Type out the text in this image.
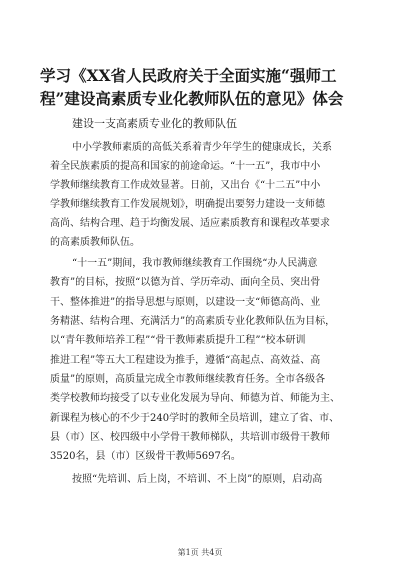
学习《XX省人民政府关于全面实施“强师工
程”建设高素质专业化教师队伍的意见》体会
建设一支高素质专业化的教师队伍
中小学教师素质的高低关系着青少年学生的健康成长，关系
着全民族素质的提高和国家的前途命运。“十一五”，我市中小
学教师继续教育工作成效显著。日前，又出台《“十二五”中小
学教师继续教育工作发展规划》，明确提出要努力建设一支师德
高尚、结构合理、趋于均衡发展、适应素质教育和课程改革要求
的高素质教师队伍。
“十一五”期间，我市教师继续教育工作围绕“办人民满意
教育”的目标，按照“以德为首、学历牵动、面向全员、突出骨
干、整体推进”的指导思想与原则，以建设一支“师德高尚、业
务精湛、结构合理、充满活力”的高素质专业化教师队伍为目标，
以“青年教师培养工程”“骨干教师素质提升工程”“校本研训
推进工程”等五大工程建设为推手，遵循“高起点、高效益、高
质量”的原则，高质量完成全市教师继续教育任务。全市各级各
类学校教师均接受了以专业化发展为导向、师德为首、师能为主、
新课程为核心的不少于240学时的教师全员培训，建立了省、市、
县（市）区、校四级中小学骨干教师梯队，共培训市级骨干教师
3520名，县（市）区级骨干教师5697名。
按照“先培训、后上岗，不培训、不上岗”的原则，启动高
第1页 共4页
